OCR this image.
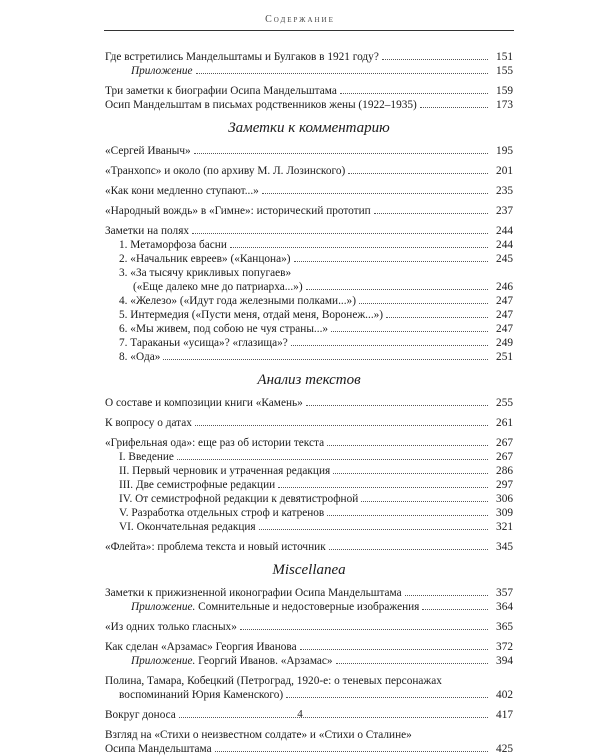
Содержание
Где встретились Мандельштамы и Булгаков в 1921 году?	151
Приложение	155
Три заметки к биографии Осипа Мандельштама	159
Осип Мандельштам в письмах родственников жены (1922–1935)	173
Заметки к комментарию
«Сергей Иваныч»	195
«Транхопс» и около (по архиву М. Л. Лозинского)	201
«Как кони медленно ступают...»	235
«Народный вождь» в «Гимне»: исторический прототип	237
Заметки на полях	244
1. Метаморфоза басни	244
2. «Начальник евреев» («Канцона»)	245
3. «За тысячу крикливых попугаев»
(«Еще далеко мне до патриарха...»)	246
4. «Железо» («Идут года железными полками...»)	247
5. Интермедия («Пусти меня, отдай меня, Воронеж...»)	247
6. «Мы живем, под собою не чуя страны...»	247
7. Тараканьи «усища»? «глазища»?	249
8. «Ода»	251
Анализ текстов
О составе и композиции книги «Камень»	255
К вопросу о датах	261
«Грифельная ода»: еще раз об истории текста	267
I. Введение	267
II. Первый черновик и утраченная редакция	286
III. Две семистрофные редакции	297
IV. От семистрофной редакции к девятистрофной	306
V. Разработка отдельных строф и катренов	309
VI. Окончательная редакция	321
«Флейта»: проблема текста и новый источник	345
Miscellanea
Заметки к прижизненной иконографии Осипа Мандельштама	357
Приложение. Сомнительные и недостоверные изображения	364
«Из одних только гласных»	365
Как сделан «Арзамас» Георгия Иванова	372
Приложение. Георгий Иванов. «Арзамас»	394
Полина, Тамара, Кобецкий (Петроград, 1920-е: о теневых персонажах
воспоминаний Юрия Каменского)	402
Вокруг доноса	417
Взгляд на «Стихи о неизвестном солдате» и «Стихи о Сталине»
Осипа Мандельштама	425
4
